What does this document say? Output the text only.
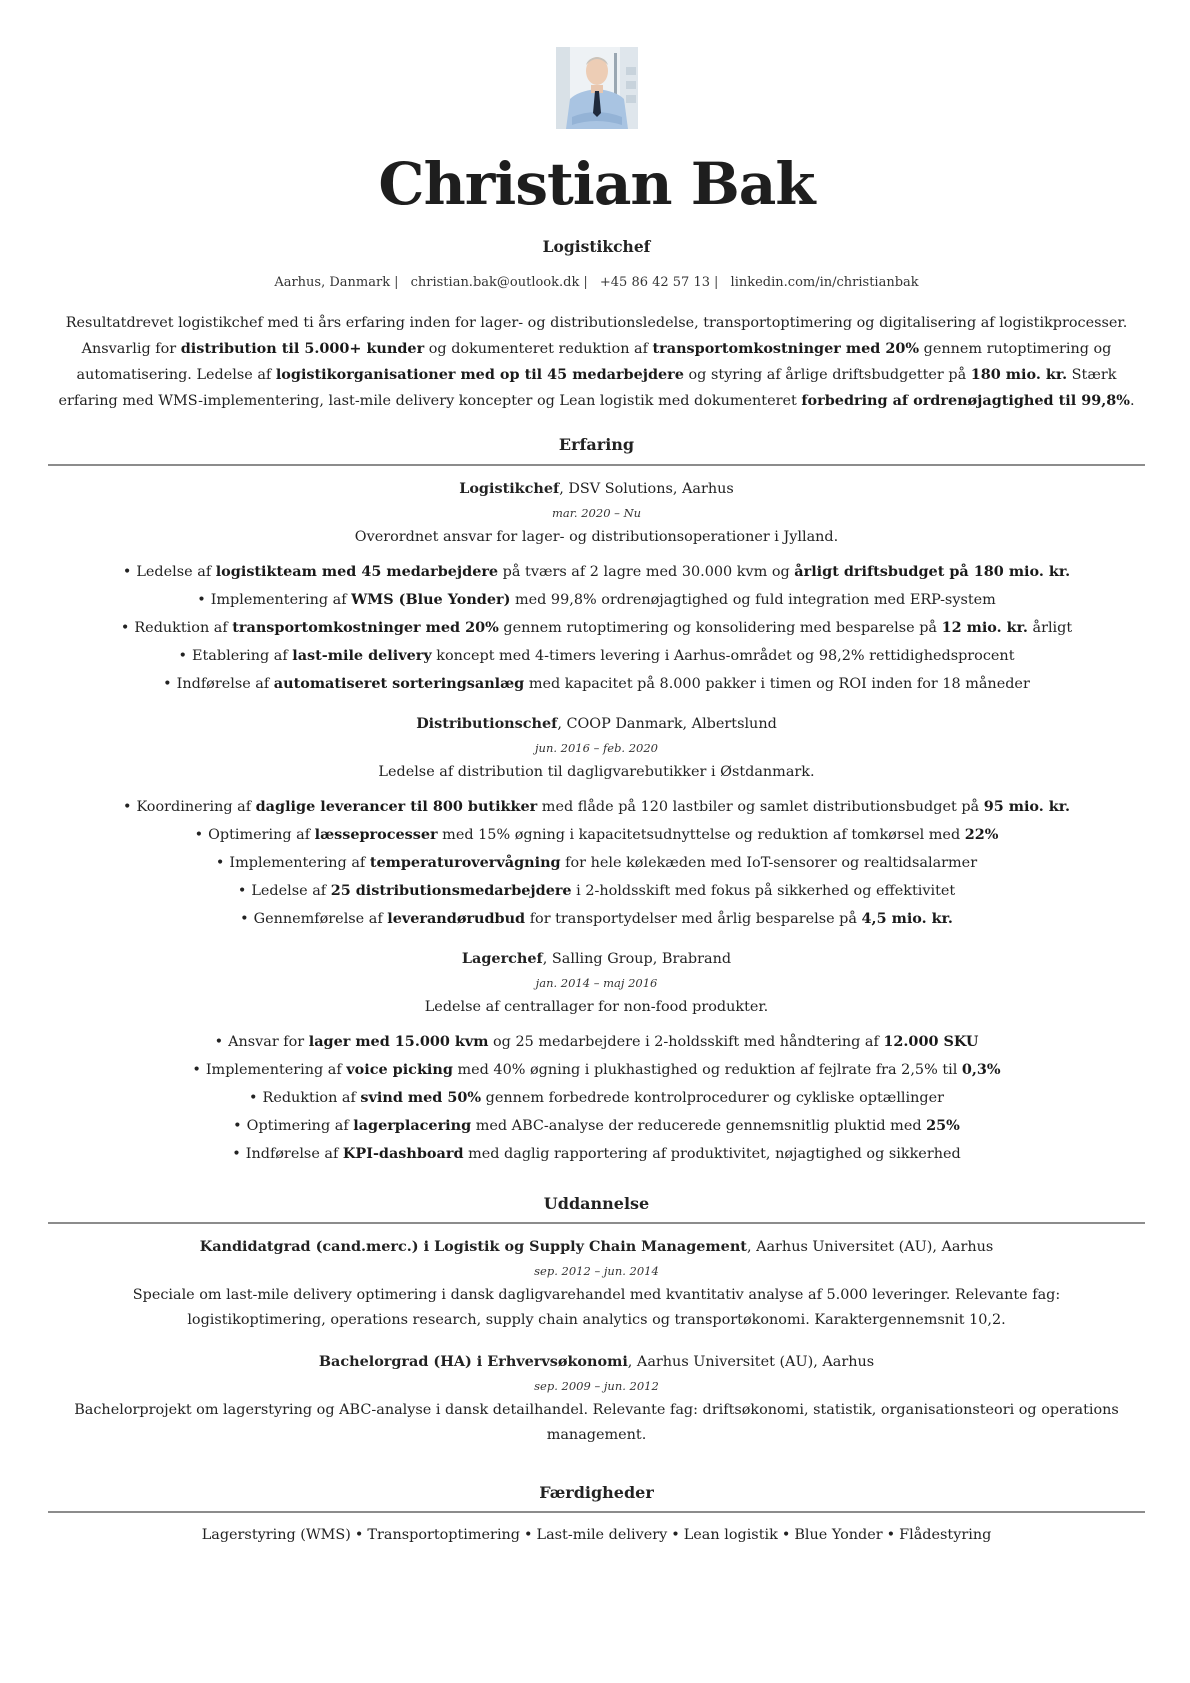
Christian Bak
Logistikchef
Aarhus, Danmark | christian.bak@outlook.dk | +45 86 42 57 13 | linkedin.com/in/christianbak

Resultatdrevet logistikchef med ti års erfaring inden for lager- og distributionsledelse, transportoptimering og digitalisering af logistikprocesser. Ansvarlig for distribution til 5.000+ kunder og dokumenteret reduktion af transportomkostninger med 20% gennem rutoptimering og automatisering. Ledelse af logistikorganisationer med op til 45 medarbejdere og styring af årlige driftsbudgetter på 180 mio. kr. Stærk erfaring med WMS-implementering, last-mile delivery koncepter og Lean logistik med dokumenteret forbedring af ordrenøjagtighed til 99,8%.

Erfaring
Logistikchef, DSV Solutions, Aarhus
mar. 2020 – Nu
Overordnet ansvar for lager- og distributionsoperationer i Jylland.
• Ledelse af logistikteam med 45 medarbejdere på tværs af 2 lagre med 30.000 kvm og årligt driftsbudget på 180 mio. kr.
• Implementering af WMS (Blue Yonder) med 99,8% ordrenøjagtighed og fuld integration med ERP-system
• Reduktion af transportomkostninger med 20% gennem rutoptimering og konsolidering med besparelse på 12 mio. kr. årligt
• Etablering af last-mile delivery koncept med 4-timers levering i Aarhus-området og 98,2% rettidighedsprocent
• Indførelse af automatiseret sorteringsanlæg med kapacitet på 8.000 pakker i timen og ROI inden for 18 måneder
Distributionschef, COOP Danmark, Albertslund
jun. 2016 – feb. 2020
Ledelse af distribution til dagligvarebutikker i Østdanmark.
• Koordinering af daglige leverancer til 800 butikker med flåde på 120 lastbiler og samlet distributionsbudget på 95 mio. kr.
• Optimering af læsseprocesser med 15% øgning i kapacitetsudnyttelse og reduktion af tomkørsel med 22%
• Implementering af temperaturovervågning for hele kølekæden med IoT-sensorer og realtidsalarmer
• Ledelse af 25 distributionsmedarbejdere i 2-holdsskift med fokus på sikkerhed og effektivitet
• Gennemførelse af leverandørudbud for transportydelser med årlig besparelse på 4,5 mio. kr.
Lagerchef, Salling Group, Brabrand
jan. 2014 – maj 2016
Ledelse af centrallager for non-food produkter.
• Ansvar for lager med 15.000 kvm og 25 medarbejdere i 2-holdsskift med håndtering af 12.000 SKU
• Implementering af voice picking med 40% øgning i plukhastighed og reduktion af fejlrate fra 2,5% til 0,3%
• Reduktion af svind med 50% gennem forbedrede kontrolprocedurer og cykliske optællinger
• Optimering af lagerplacering med ABC-analyse der reducerede gennemsnitlig pluktid med 25%
• Indførelse af KPI-dashboard med daglig rapportering af produktivitet, nøjagtighed og sikkerhed
Uddannelse
Kandidatgrad (cand.merc.) i Logistik og Supply Chain Management, Aarhus Universitet (AU), Aarhus
sep. 2012 – jun. 2014
Speciale om last-mile delivery optimering i dansk dagligvarehandel med kvantitativ analyse af 5.000 leveringer. Relevante fag: logistikoptimering, operations research, supply chain analytics og transportøkonomi. Karaktergennemsnit 10,2.
Bachelorgrad (HA) i Erhvervsøkonomi, Aarhus Universitet (AU), Aarhus
sep. 2009 – jun. 2012
Bachelorprojekt om lagerstyring og ABC-analyse i dansk detailhandel. Relevante fag: driftsøkonomi, statistik, organisationsteori og operations management.
Færdigheder
Lagerstyring (WMS) • Transportoptimering • Last-mile delivery • Lean logistik • Blue Yonder • Flådestyring
